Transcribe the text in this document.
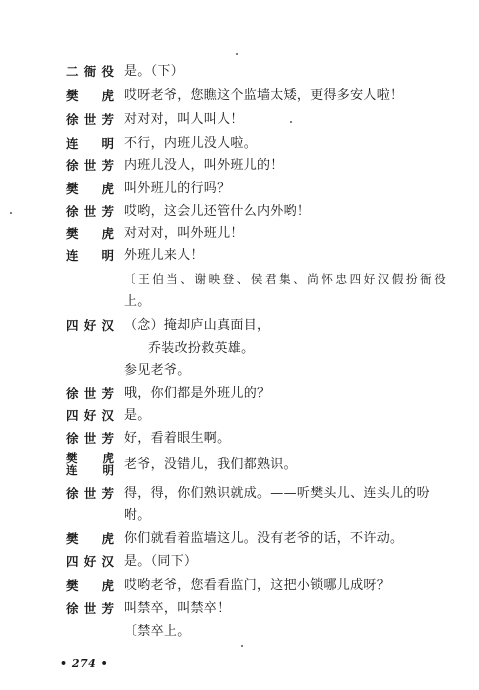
二衙役 是。（下）
樊　虎 哎呀老爷，您瞧这个监墙太矮，更得多安人啦！
徐世芳 对对对，叫人叫人！
连　明 不行，内班儿没人啦。
徐世芳 内班儿没人，叫外班儿的！
樊　虎 叫外班儿的行吗？
徐世芳 哎哟，这会儿还管什么内外哟！
樊　虎 对对对，叫外班儿！
连　明 外班儿来人！
〔王伯当、谢映登、侯君集、尚怀忠四好汉假扮衙役
上。
四好汉 （念）掩却庐山真面目，
乔装改扮救英雄。
参见老爷。
徐世芳 哦，你们都是外班儿的？
四好汉 是。
徐世芳 好，看着眼生啊。
樊　虎
连　明 老爷，没错儿，我们都熟识。
徐世芳 得，得，你们熟识就成。——听樊头儿、连头儿的吩
咐。
樊　虎 你们就看着监墙这儿。没有老爷的话，不许动。
四好汉 是。（同下）
樊　虎 哎哟老爷，您看看监门，这把小锁哪儿成呀？
徐世芳 叫禁卒，叫禁卒！
〔禁卒上。
• 274 •
